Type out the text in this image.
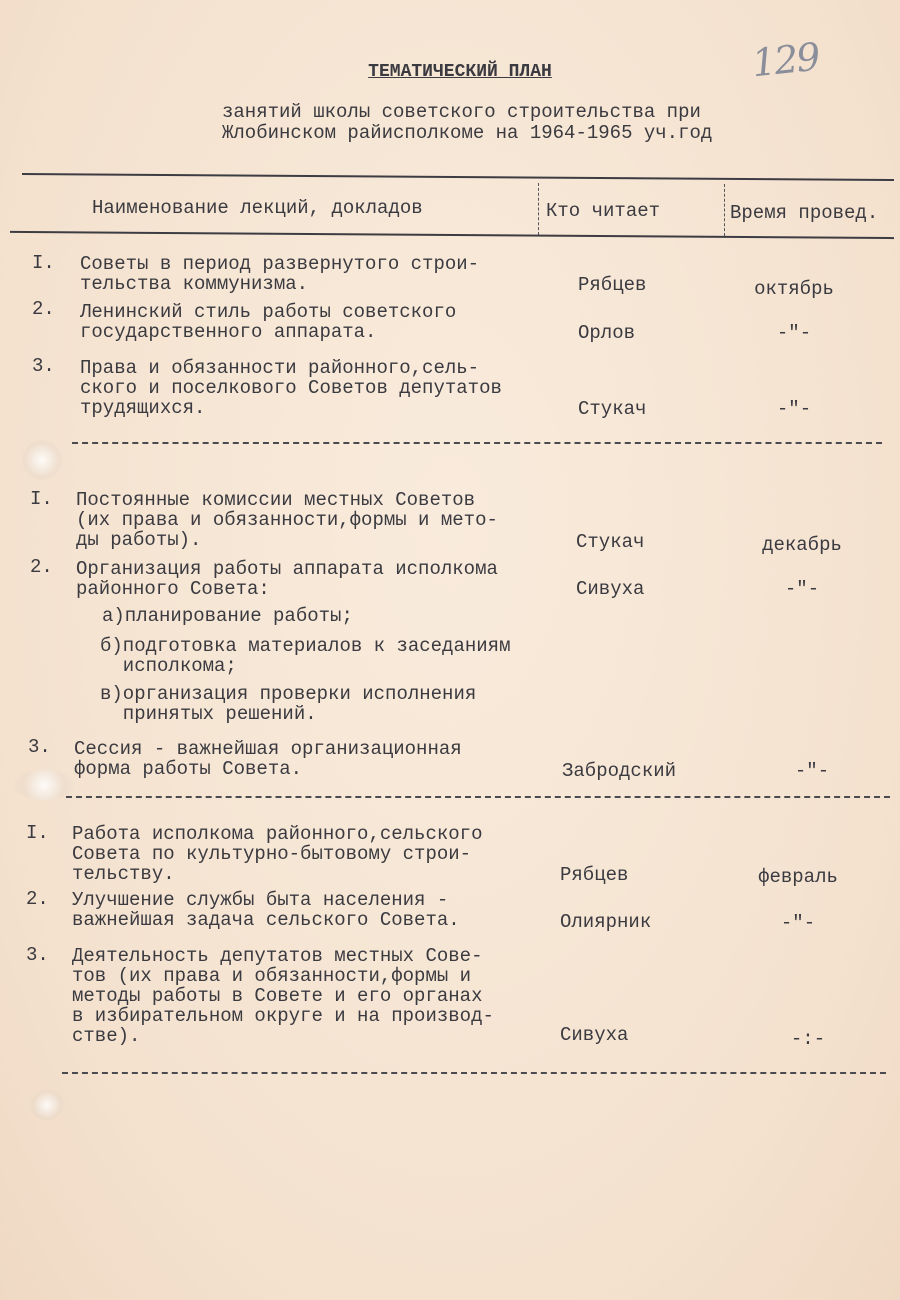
129
ТЕМАТИЧЕСКИЙ ПЛАН
занятий школы советского строительства при
Жлобинском райисполкоме на 1964-1965 уч.год
Наименование лекций, докладов	Кто читает	Время провед.
I. Советы в период развернутого строи-
тельства коммунизма.	Рябцев	октябрь
2. Ленинский стиль работы советского
государственного аппарата.	Орлов	-"-
3. Права и обязанности районного,сель-
ского и поселкового Советов депутатов
трудящихся.	Стукач	-"-
I. Постоянные комиссии местных Советов
(их права и обязанности,формы и мето-
ды работы).	Стукач	декабрь
2. Организация работы аппарата исполкома
районного Совета:	Сивуха	-"-
а)планирование работы;
б)подготовка материалов к заседаниям
исполкома;
в)организация проверки исполнения
принятых решений.
3. Сессия - важнейшая организационная
форма работы Совета.	Забродский	-"-
I. Работа исполкома районного,сельского
Совета по культурно-бытовому строи-
тельству.	Рябцев	февраль
2. Улучшение службы быта населения -
важнейшая задача сельского Совета.	Олиярник	-"-
3. Деятельность депутатов местных Сове-
тов (их права и обязанности,формы и
методы работы в Совете и его органах
в избирательном округе и на производ-
стве).	Сивуха	-:-
